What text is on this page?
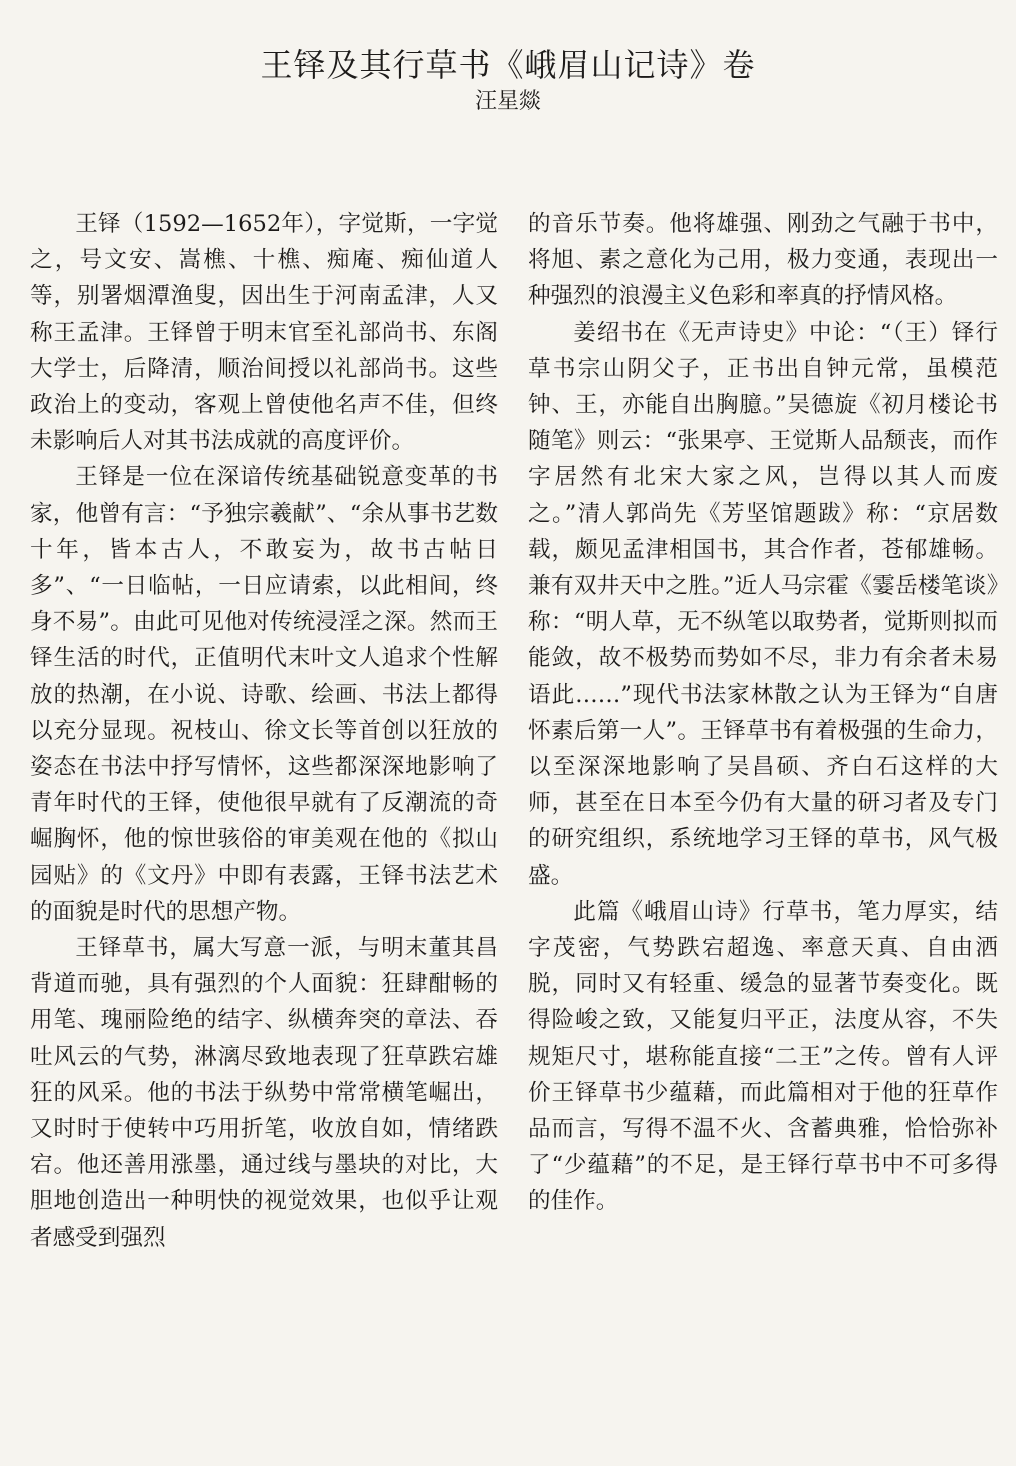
王铎及其行草书《峨眉山记诗》卷
汪星燚

王铎（1592—1652年），字觉斯，一字觉之，号文安、嵩樵、十樵、痴庵、痴仙道人等，别署烟潭渔叟，因出生于河南孟津，人又称王孟津。王铎曾于明末官至礼部尚书、东阁大学士，后降清，顺治间授以礼部尚书。这些政治上的变动，客观上曾使他名声不佳，但终未影响后人对其书法成就的高度评价。

王铎是一位在深谙传统基础锐意变革的书家，他曾有言：“予独宗羲献”、“余从事书艺数十年，皆本古人，不敢妄为，故书古帖日多”、“一日临帖，一日应请索，以此相间，终身不易”。由此可见他对传统浸淫之深。然而王铎生活的时代，正值明代末叶文人追求个性解放的热潮，在小说、诗歌、绘画、书法上都得以充分显现。祝枝山、徐文长等首创以狂放的姿态在书法中抒写情怀，这些都深深地影响了青年时代的王铎，使他很早就有了反潮流的奇崛胸怀，他的惊世骇俗的审美观在他的《拟山园贴》的《文丹》中即有表露，王铎书法艺术的面貌是时代的思想产物。

王铎草书，属大写意一派，与明末董其昌背道而驰，具有强烈的个人面貌：狂肆酣畅的用笔、瑰丽险绝的结字、纵横奔突的章法、吞吐风云的气势，淋漓尽致地表现了狂草跌宕雄狂的风采。他的书法于纵势中常常横笔崛出，又时时于使转中巧用折笔，收放自如，情绪跌宕。他还善用涨墨，通过线与墨块的对比，大胆地创造出一种明快的视觉效果，也似乎让观者感受到强烈

的音乐节奏。他将雄强、刚劲之气融于书中，将旭、素之意化为己用，极力变通，表现出一种强烈的浪漫主义色彩和率真的抒情风格。

姜绍书在《无声诗史》中论：“（王）铎行草书宗山阴父子，正书出自钟元常，虽模范钟、王，亦能自出胸臆。”吴德旋《初月楼论书随笔》则云：“张果亭、王觉斯人品颓丧，而作字居然有北宋大家之风，岂得以其人而废之。”清人郭尚先《芳坚馆题跋》称：“京居数载，颇见孟津相国书，其合作者，苍郁雄畅。兼有双井天中之胜。”近人马宗霍《霎岳楼笔谈》称：“明人草，无不纵笔以取势者，觉斯则拟而能敛，故不极势而势如不尽，非力有余者未易语此……”现代书法家林散之认为王铎为“自唐怀素后第一人”。王铎草书有着极强的生命力，以至深深地影响了吴昌硕、齐白石这样的大师，甚至在日本至今仍有大量的研习者及专门的研究组织，系统地学习王铎的草书，风气极盛。

此篇《峨眉山诗》行草书，笔力厚实，结字茂密，气势跌宕超逸、率意天真、自由洒脱，同时又有轻重、缓急的显著节奏变化。既得险峻之致，又能复归平正，法度从容，不失规矩尺寸，堪称能直接“二王”之传。曾有人评价王铎草书少蕴藉，而此篇相对于他的狂草作品而言，写得不温不火、含蓄典雅，恰恰弥补了“少蕴藉”的不足，是王铎行草书中不可多得的佳作。
